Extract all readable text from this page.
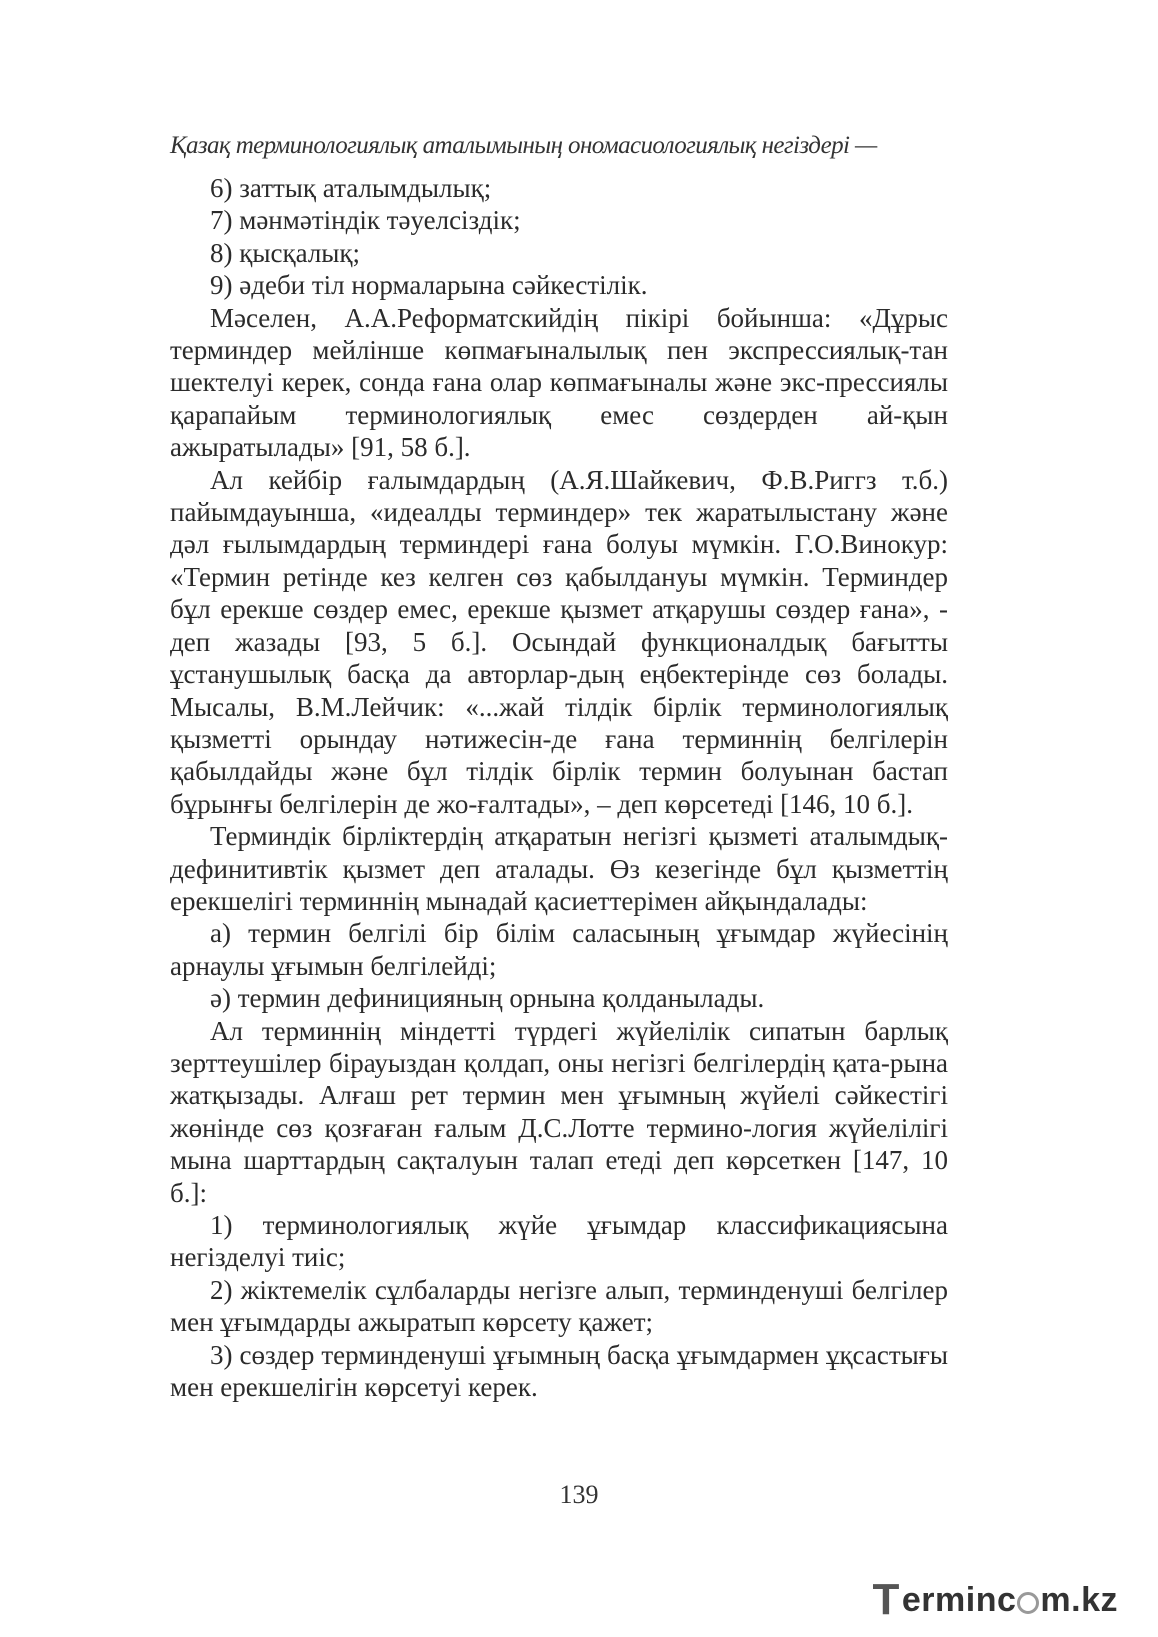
Қазақ терминологиялық аталымының ономасиологиялық негіздері —

6) заттық аталымдылық;

7) мәнмәтіндік тәуелсіздік;

8) қысқалық;

9) әдеби тіл нормаларына сәйкестілік.

Мәселен, А.А.Реформатскийдің пікірі бойынша: «Дұрыс терминдер мейлінше көпмағыналылық пен экспрессиялық-тан шектелуі керек, сонда ғана олар көпмағыналы және экс-прессиялы қарапайым терминологиялық емес сөздерден ай-қын ажыратылады» [91, 58 б.].

Ал кейбір ғалымдардың (А.Я.Шайкевич, Ф.В.Риггз т.б.) пайымдауынша, «идеалды терминдер» тек жаратылыстану және дәл ғылымдардың терминдері ғана болуы мүмкін. Г.О.Винокур: «Термин ретінде кез келген сөз қабылдануы мүмкін. Терминдер бұл ерекше сөздер емес, ерекше қызмет атқарушы сөздер ғана», - деп жазады [93, 5 б.]. Осындай функционалдық бағытты ұстанушылық басқа да авторлар-дың еңбектерінде сөз болады. Мысалы, В.М.Лейчик: «...жай тілдік бірлік терминологиялық қызметті орындау нәтижесін-де ғана терминнің белгілерін қабылдайды және бұл тілдік бірлік термин болуынан бастап бұрынғы белгілерін де жо-ғалтады», – деп көрсетеді [146, 10 б.].

Терминдік бірліктердің атқаратын негізгі қызметі аталымдық-дефинитивтік қызмет деп аталады. Өз кезегінде бұл қызметтің ерекшелігі терминнің мынадай қасиеттерімен айқындалады:

а) термин белгілі бір білім саласының ұғымдар жүйесінің арнаулы ұғымын белгілейді;

ә) термин дефиницияның орнына қолданылады.

Ал терминнің міндетті түрдегі жүйелілік сипатын барлық зерттеушілер бірауыздан қолдап, оны негізгі белгілердің қата-рына жатқызады. Алғаш рет термин мен ұғымның жүйелі сәйкестігі жөнінде сөз қозғаған ғалым Д.С.Лотте термино-логия жүйелілігі мына шарттардың сақталуын талап етеді деп көрсеткен [147, 10 б.]:

1) терминологиялық жүйе ұғымдар классификациясына негізделуі тиіс;

2) жіктемелік сұлбаларды негізге алып, терминденуші белгілер мен ұғымдарды ажыратып көрсету қажет;

3) сөздер терминденуші ұғымның басқа ұғымдармен ұқсастығы мен ерекшелігін көрсетуі керек.

139
T ermin c m.kz
